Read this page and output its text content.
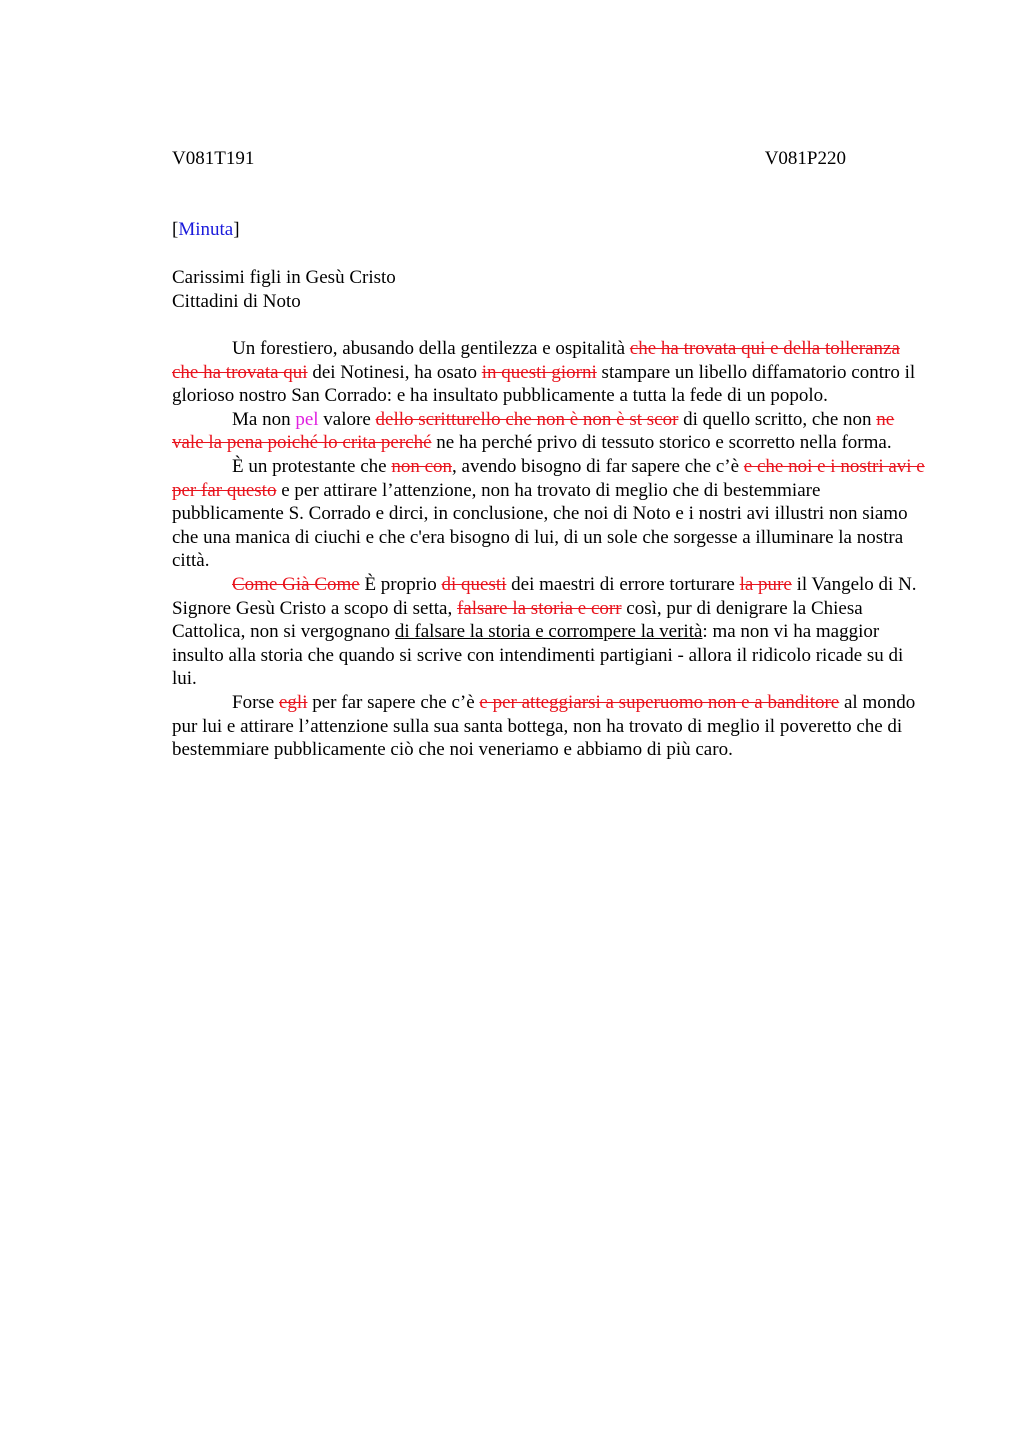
V081T191	V081P220
[Minuta]
Carissimi figli in Gesù Cristo
Cittadini di Noto

Un forestiero, abusando della gentilezza e ospitalità che ha trovata qui e della tolleranza che ha trovata qui dei Notinesi, ha osato in questi giorni stampare un libello diffamatorio contro il glorioso nostro San Corrado: e ha insultato pubblicamente a tutta la fede di un popolo.

Ma non pel valore dello scritturello che non è non è st scor di quello scritto, che non ne vale la pena poiché lo crita perché ne ha perché privo di tessuto storico e scorretto nella forma.

È un protestante che non con, avendo bisogno di far sapere che c’è e che noi e i nostri avi e per far questo e per attirare l’attenzione, non ha trovato di meglio che di bestemmiare pubblicamente S. Corrado e dirci, in conclusione, che noi di Noto e i nostri avi illustri non siamo che una manica di ciuchi e che c'era bisogno di lui, di un sole che sorgesse a illuminare la nostra città.

Come Già Come È proprio di questi dei maestri di errore torturare la pure il Vangelo di N. Signore Gesù Cristo a scopo di setta, falsare la storia e corr così, pur di denigrare la Chiesa Cattolica, non si vergognano di falsare la storia e corrompere la verità: ma non vi ha maggior insulto alla storia che quando si scrive con intendimenti partigiani - allora il ridicolo ricade su di lui.

Forse egli per far sapere che c’è e per atteggiarsi a superuomo non e a banditore al mondo pur lui e attirare l’attenzione sulla sua santa bottega, non ha trovato di meglio il poveretto che di bestemmiare pubblicamente ciò che noi veneriamo e abbiamo di più caro.
